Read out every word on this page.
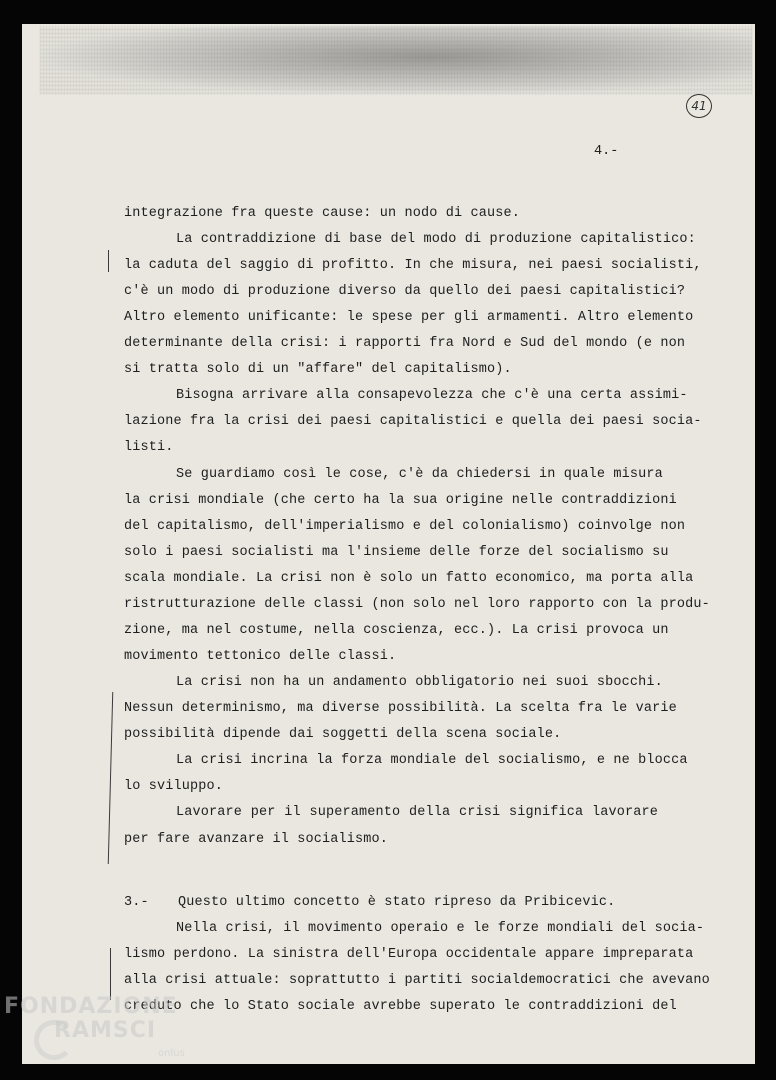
41
4.-
integrazione fra queste cause: un nodo di cause.
La contraddizione di base del modo di produzione capitalistico:
la caduta del saggio di profitto. In che misura, nei paesi socialisti,
c'è un modo di produzione diverso da quello dei paesi capitalistici?
Altro elemento unificante: le spese per gli armamenti. Altro elemento
determinante della crisi: i rapporti fra Nord e Sud del mondo (e non
si tratta solo di un "affare" del capitalismo).
Bisogna arrivare alla consapevolezza che c'è una certa assimi-
lazione fra la crisi dei paesi capitalistici e quella dei paesi socia-
listi.
Se guardiamo così le cose, c'è da chiedersi in quale misura
la crisi mondiale (che certo ha la sua origine nelle contraddizioni
del capitalismo, dell'imperialismo e del colonialismo) coinvolge non
solo i paesi socialisti ma l'insieme delle forze del socialismo su
scala mondiale. La crisi non è solo un fatto economico, ma porta alla
ristrutturazione delle classi (non solo nel loro rapporto con la produ-
zione, ma nel costume, nella coscienza, ecc.). La crisi provoca un
movimento tettonico delle classi.
La crisi non ha un andamento obbligatorio nei suoi sbocchi.
Nessun determinismo, ma diverse possibilità. La scelta fra le varie
possibilità dipende dai soggetti della scena sociale.
La crisi incrina la forza mondiale del socialismo, e ne blocca
lo sviluppo.
Lavorare per il superamento della crisi significa lavorare
per fare avanzare il socialismo.
3.-	Questo ultimo concetto è stato ripreso da Pribicevic.
Nella crisi, il movimento operaio e le forze mondiali del socia-
lismo perdono. La sinistra dell'Europa occidentale appare impreparata
alla crisi attuale: soprattutto i partiti socialdemocratici che avevano
creduto che lo Stato sociale avrebbe superato le contraddizioni del
FONDAZIONE
RAMSCI
onlus
